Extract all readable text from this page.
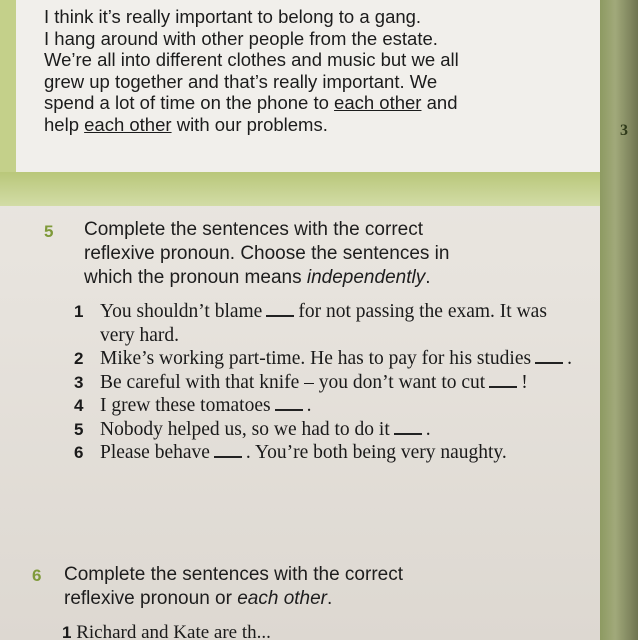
I think it’s really important to belong to a gang.
I hang around with other people from the estate.
We’re all into different clothes and music but we all
grew up together and that’s really important. We
spend a lot of time on the phone to each other and
help each other with our problems.
5 Complete the sentences with the correct
reflexive pronoun. Choose the sentences in
which the pronoun means independently.
1 You shouldn’t blame for not passing the exam. It was very hard.
2 Mike’s working part-time. He has to pay for his studies .
3 Be careful with that knife – you don’t want to cut !
4 I grew these tomatoes .
5 Nobody helped us, so we had to do it .
6 Please behave . You’re both being very naughty.
6 Complete the sentences with the correct
reflexive pronoun or each other.
1 Richard and Kate are th...
3
